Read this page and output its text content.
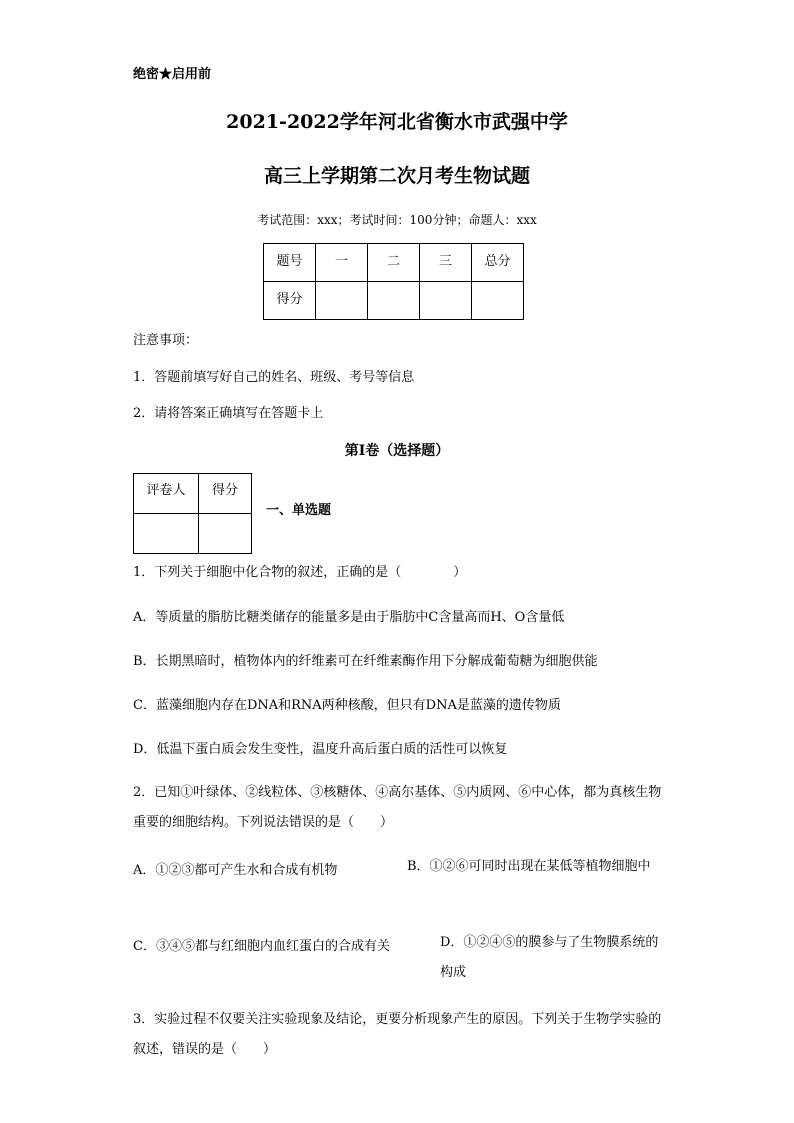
绝密★启用前
2021-2022学年河北省衡水市武强中学
高三上学期第二次月考生物试题
考试范围：xxx；考试时间：100分钟；命题人：xxx
题号	一	二	三	总分
得分				
注意事项：
1．答题前填写好自己的姓名、班级、考号等信息
2．请将答案正确填写在答题卡上
第I卷（选择题）
评卷人	得分

一、单选题
1．下列关于细胞中化合物的叙述，正确的是（　　　　）
A．等质量的脂肪比糖类储存的能量多是由于脂肪中C含量高而H、O含量低
B．长期黑暗时，植物体内的纤维素可在纤维素酶作用下分解成葡萄糖为细胞供能
C．蓝藻细胞内存在DNA和RNA两种核酸，但只有DNA是蓝藻的遗传物质
D．低温下蛋白质会发生变性，温度升高后蛋白质的活性可以恢复
2．已知①叶绿体、②线粒体、③核糖体、④高尔基体、⑤内质网、⑥中心体，都为真核生物重要的细胞结构。下列说法错误的是（　　）
A．①②③都可产生水和合成有机物	B．①②⑥可同时出现在某低等植物细胞中
C．③④⑤都与红细胞内血红蛋白的合成有关	D．①②④⑤的膜参与了生物膜系统的构成
3．实验过程不仅要关注实验现象及结论，更要分析现象产生的原因。下列关于生物学实验的叙述，错误的是（　　）
